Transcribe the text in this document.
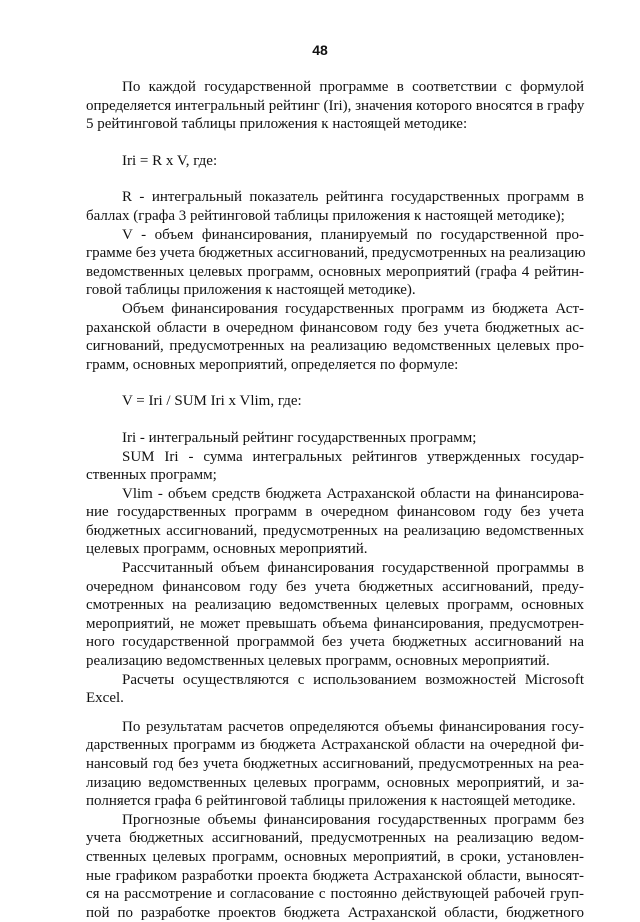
48
По каждой государственной программе в соответствии с формулой
определяется интегральный рейтинг (Iri), значения которого вносятся в графу
5 рейтинговой таблицы приложения к настоящей методике:
Iri = R x V, где:
R - интегральный показатель рейтинга государственных программ в
баллах (графа 3 рейтинговой таблицы приложения к настоящей методике);
V - объем финансирования, планируемый по государственной про-
грамме без учета бюджетных ассигнований, предусмотренных на реализацию
ведомственных целевых программ, основных мероприятий (графа 4 рейтин-
говой таблицы приложения к настоящей методике).
Объем финансирования государственных программ из бюджета Аст-
раханской области в очередном финансовом году без учета бюджетных ас-
сигнований, предусмотренных на реализацию ведомственных целевых про-
грамм, основных мероприятий, определяется по формуле:
V = Iri / SUM Iri x Vlim, где:
Iri - интегральный рейтинг государственных программ;
SUM Iri - сумма интегральных рейтингов утвержденных государ-
ственных программ;
Vlim - объем средств бюджета Астраханской области на финансирова-
ние государственных программ в очередном финансовом году без учета
бюджетных ассигнований, предусмотренных на реализацию ведомственных
целевых программ, основных мероприятий.
Рассчитанный объем финансирования государственной программы в
очередном финансовом году без учета бюджетных ассигнований, преду-
смотренных на реализацию ведомственных целевых программ, основных
мероприятий, не может превышать объема финансирования, предусмотрен-
ного государственной программой без учета бюджетных ассигнований на
реализацию ведомственных целевых программ, основных мероприятий.
Расчеты осуществляются с использованием возможностей Microsoft
Excel.
По результатам расчетов определяются объемы финансирования госу-
дарственных программ из бюджета Астраханской области на очередной фи-
нансовый год без учета бюджетных ассигнований, предусмотренных на реа-
лизацию ведомственных целевых программ, основных мероприятий, и за-
полняется графа 6 рейтинговой таблицы приложения к настоящей методике.
Прогнозные объемы финансирования государственных программ без
учета бюджетных ассигнований, предусмотренных на реализацию ведом-
ственных целевых программ, основных мероприятий, в сроки, установлен-
ные графиком разработки проекта бюджета Астраханской области, выносят-
ся на рассмотрение и согласование с постоянно действующей рабочей груп-
пой по разработке проектов бюджета Астраханской области, бюджетного
